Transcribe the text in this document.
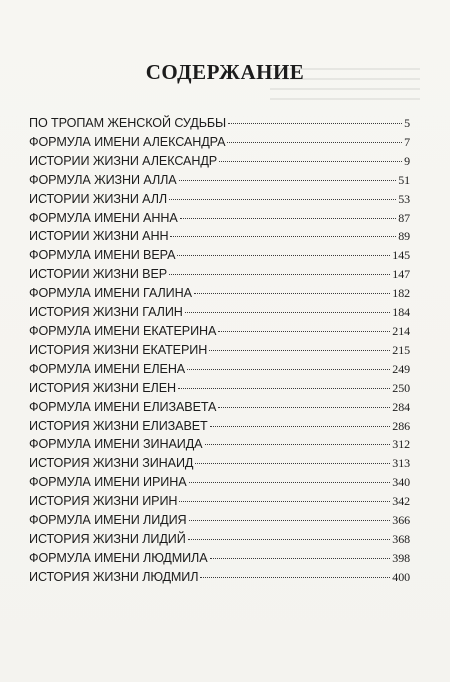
СОДЕРЖАНИЕ
ПО ТРОПАМ ЖЕНСКОЙ СУДЬБЫ	5
ФОРМУЛА ИМЕНИ АЛЕКСАНДРА	7
ИСТОРИИ ЖИЗНИ АЛЕКСАНДР	9
ФОРМУЛА ЖИЗНИ АЛЛА	51
ИСТОРИИ ЖИЗНИ АЛЛ	53
ФОРМУЛА ИМЕНИ АННА	87
ИСТОРИИ ЖИЗНИ АНН	89
ФОРМУЛА ИМЕНИ ВЕРА	145
ИСТОРИИ ЖИЗНИ ВЕР	147
ФОРМУЛА ИМЕНИ ГАЛИНА	182
ИСТОРИЯ ЖИЗНИ ГАЛИН	184
ФОРМУЛА ИМЕНИ ЕКАТЕРИНА	214
ИСТОРИЯ ЖИЗНИ ЕКАТЕРИН	215
ФОРМУЛА ИМЕНИ ЕЛЕНА	249
ИСТОРИЯ ЖИЗНИ ЕЛЕН	250
ФОРМУЛА ИМЕНИ ЕЛИЗАВЕТА	284
ИСТОРИЯ ЖИЗНИ ЕЛИЗАВЕТ	286
ФОРМУЛА ИМЕНИ ЗИНАИДА	312
ИСТОРИЯ ЖИЗНИ ЗИНАИД	313
ФОРМУЛА ИМЕНИ ИРИНА	340
ИСТОРИЯ ЖИЗНИ ИРИН	342
ФОРМУЛА ИМЕНИ ЛИДИЯ	366
ИСТОРИЯ ЖИЗНИ ЛИДИЙ	368
ФОРМУЛА ИМЕНИ ЛЮДМИЛА	398
ИСТОРИЯ ЖИЗНИ ЛЮДМИЛ	400
